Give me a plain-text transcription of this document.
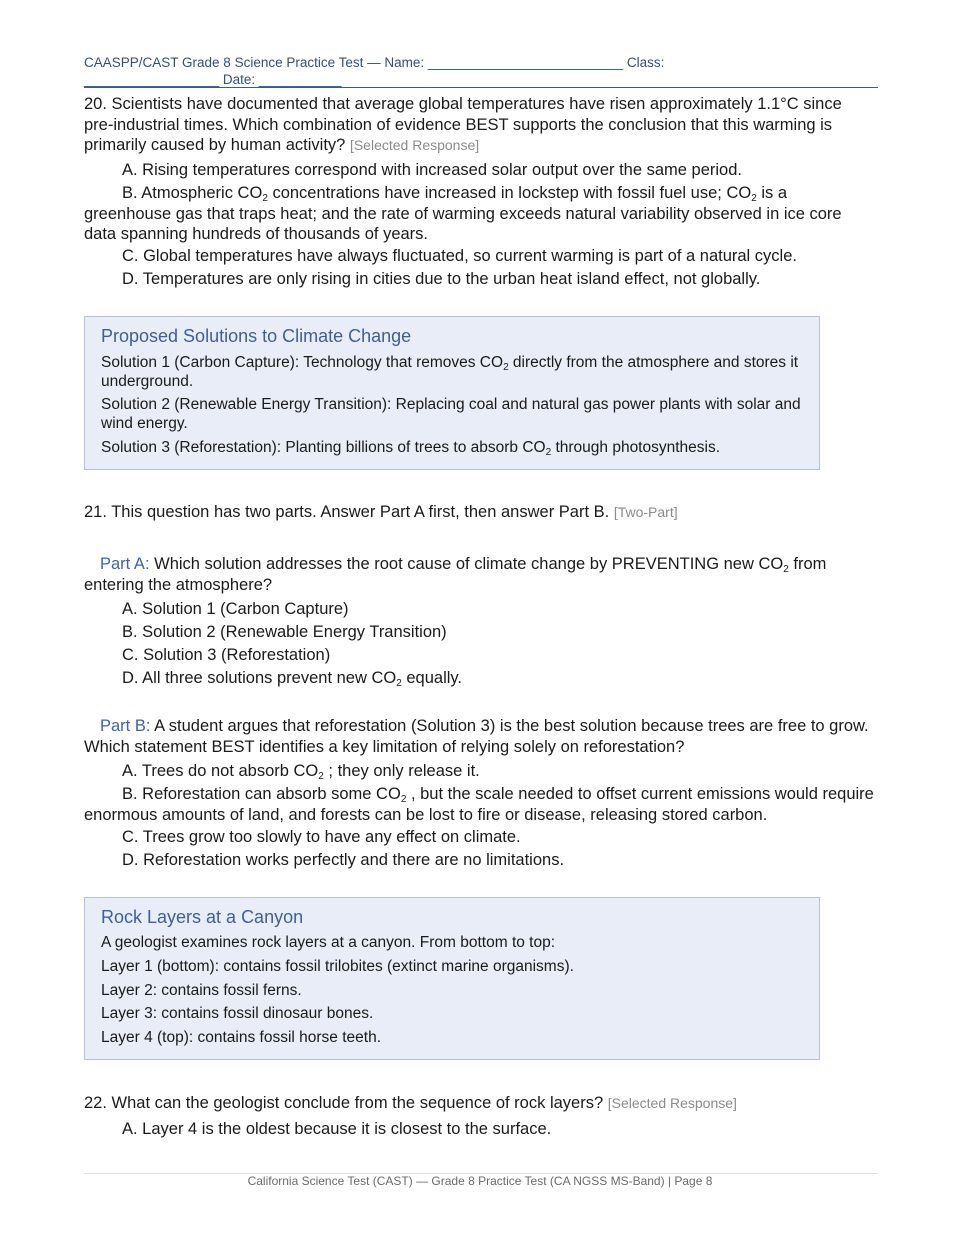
CAASPP/CAST Grade 8 Science Practice Test — Name: __________________________ Class:
__________________ Date: ___________
20. Scientists have documented that average global temperatures have risen approximately 1.1°C since pre-industrial times. Which combination of evidence BEST supports the conclusion that this warming is primarily caused by human activity? [Selected Response]
A. Rising temperatures correspond with increased solar output over the same period.
B. Atmospheric $CO_2$ concentrations have increased in lockstep with fossil fuel use; $CO_2$ is a greenhouse gas that traps heat; and the rate of warming exceeds natural variability observed in ice core data spanning hundreds of thousands of years.
C. Global temperatures have always fluctuated, so current warming is part of a natural cycle.
D. Temperatures are only rising in cities due to the urban heat island effect, not globally.
Proposed Solutions to Climate Change
Solution 1 (Carbon Capture): Technology that removes $CO_2$ directly from the atmosphere and stores it underground.
Solution 2 (Renewable Energy Transition): Replacing coal and natural gas power plants with solar and wind energy.
Solution 3 (Reforestation): Planting billions of trees to absorb $CO_2$ through photosynthesis.
21. This question has two parts. Answer Part A first, then answer Part B. [Two-Part]
Part A: Which solution addresses the root cause of climate change by PREVENTING new $CO_2$ from entering the atmosphere?
A. Solution 1 (Carbon Capture)
B. Solution 2 (Renewable Energy Transition)
C. Solution 3 (Reforestation)
D. All three solutions prevent new $CO_2$ equally.
Part B: A student argues that reforestation (Solution 3) is the best solution because trees are free to grow. Which statement BEST identifies a key limitation of relying solely on reforestation?
A. Trees do not absorb $CO_2$ ; they only release it.
B. Reforestation can absorb some $CO_2$ , but the scale needed to offset current emissions would require enormous amounts of land, and forests can be lost to fire or disease, releasing stored carbon.
C. Trees grow too slowly to have any effect on climate.
D. Reforestation works perfectly and there are no limitations.
Rock Layers at a Canyon
A geologist examines rock layers at a canyon. From bottom to top:
Layer 1 (bottom): contains fossil trilobites (extinct marine organisms).
Layer 2: contains fossil ferns.
Layer 3: contains fossil dinosaur bones.
Layer 4 (top): contains fossil horse teeth.
22. What can the geologist conclude from the sequence of rock layers? [Selected Response]
A. Layer 4 is the oldest because it is closest to the surface.
California Science Test (CAST) — Grade 8 Practice Test (CA NGSS MS-Band) | Page 8
